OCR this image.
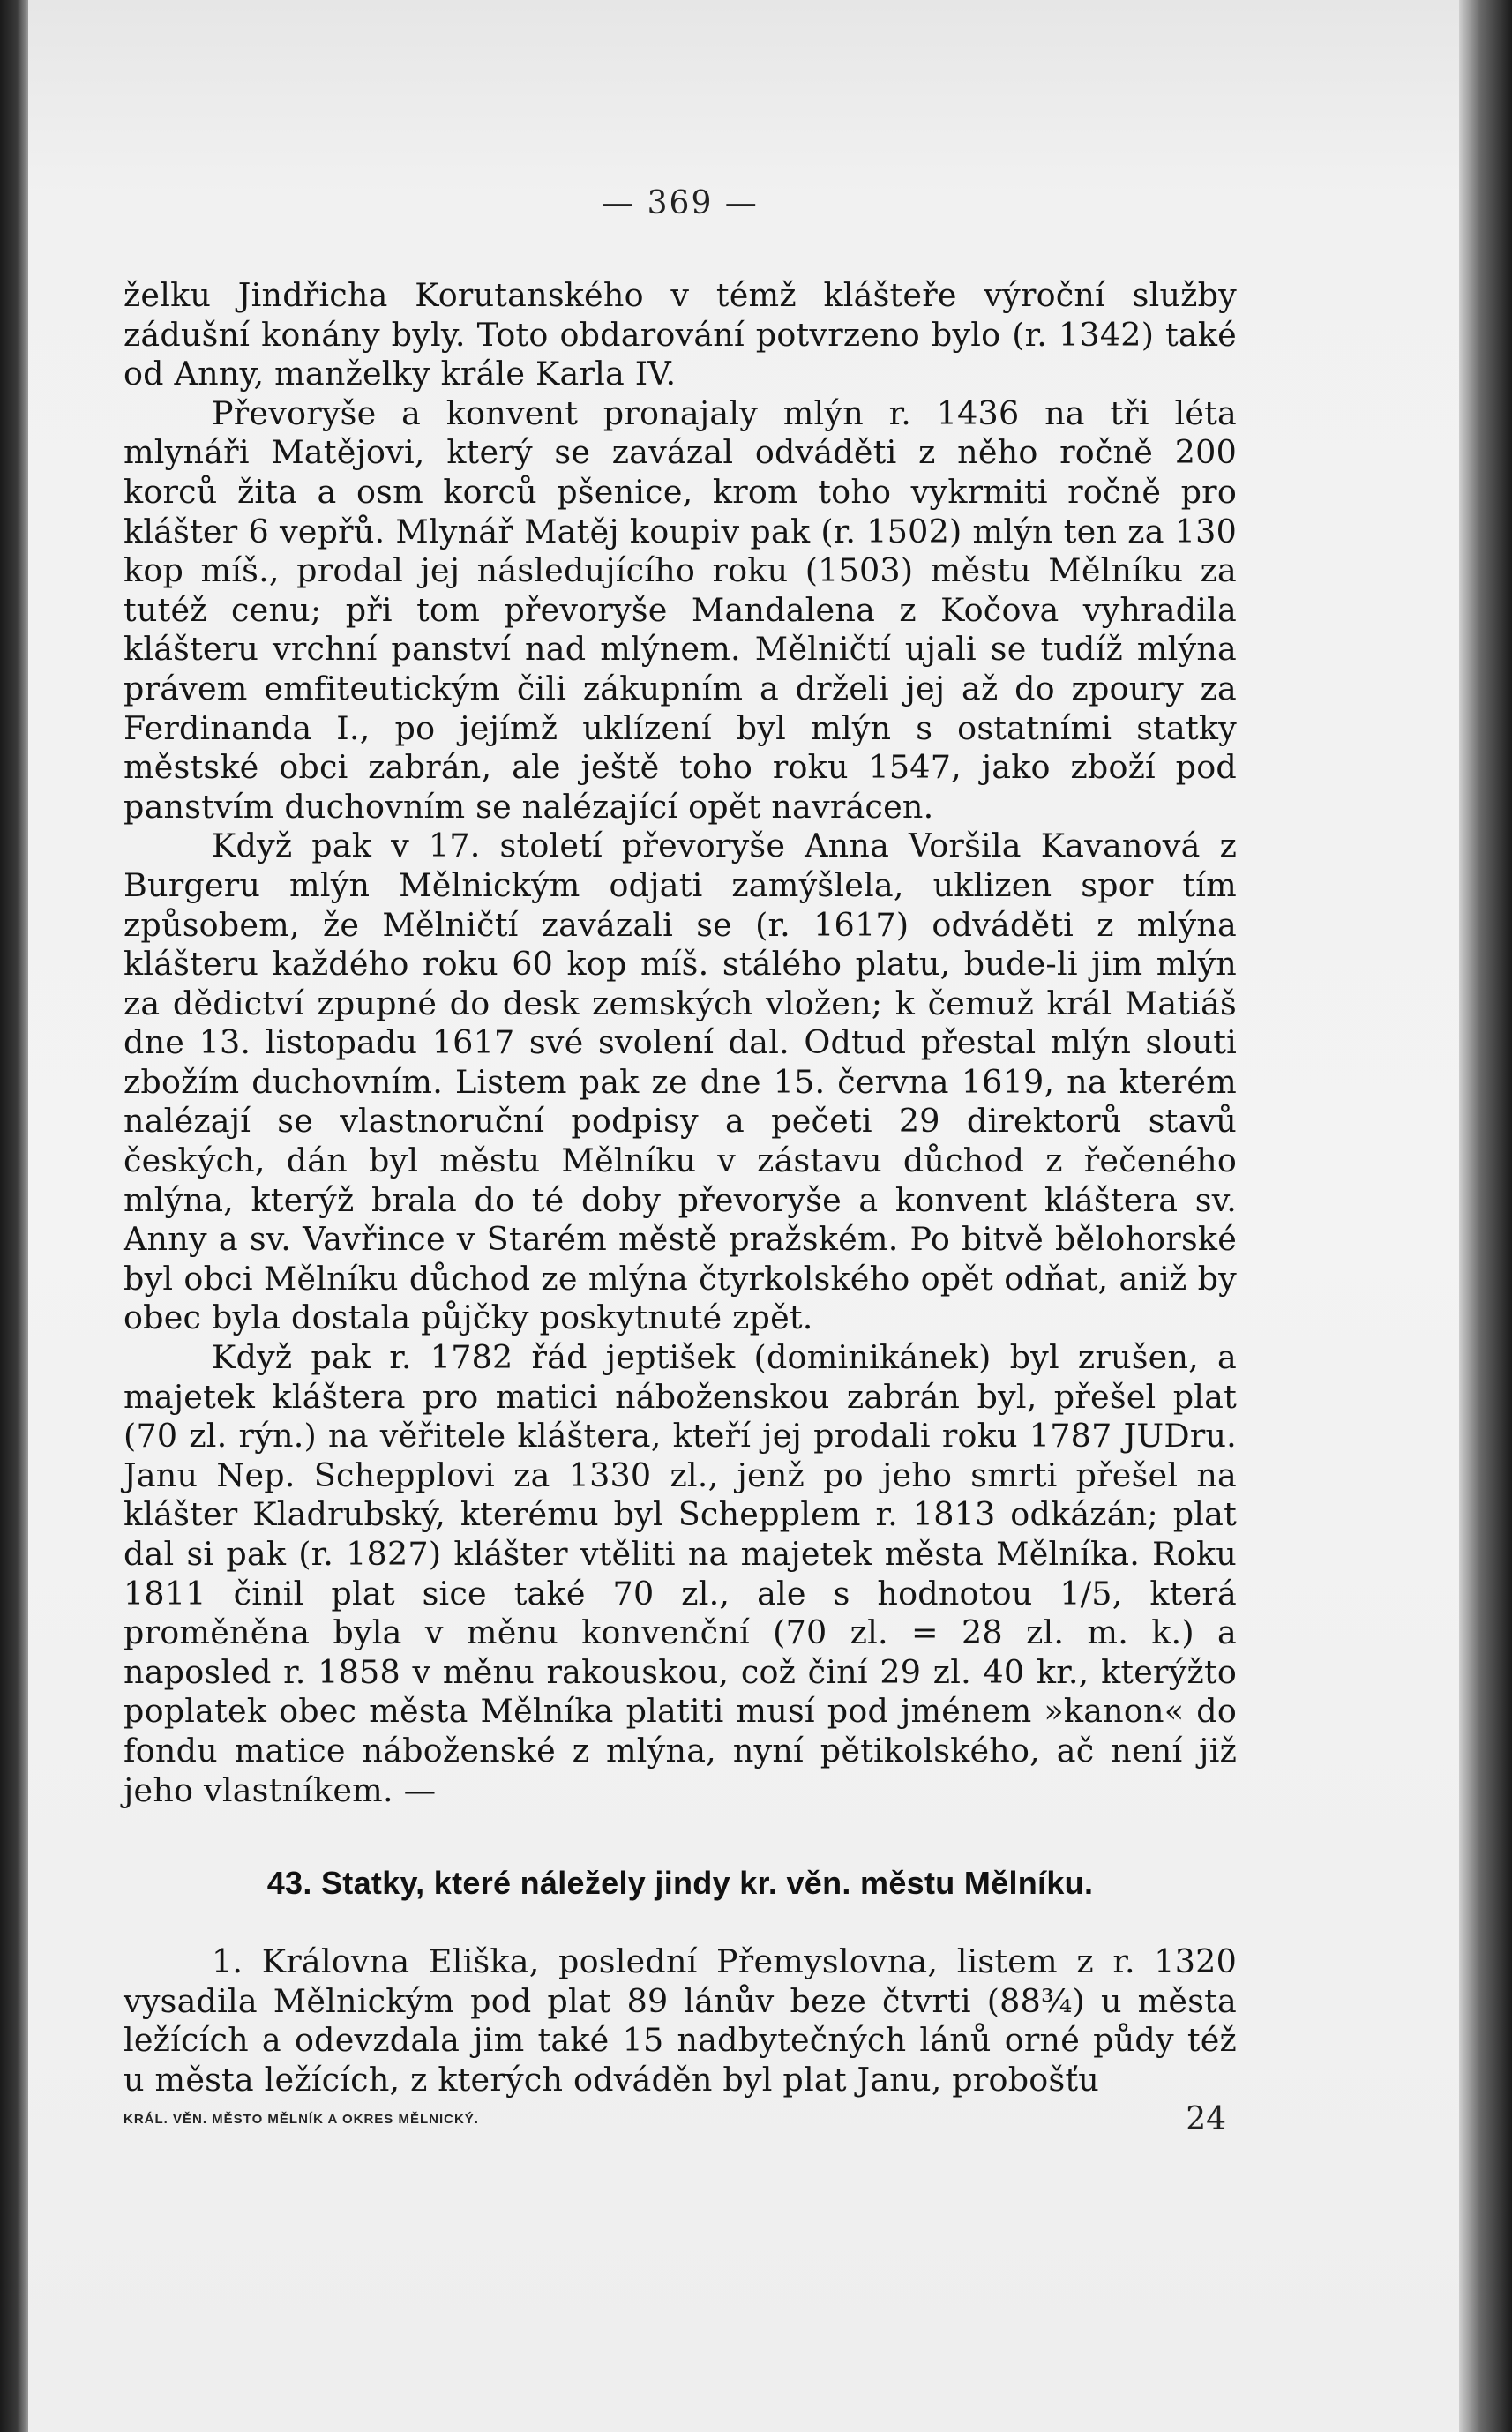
— 369 —

želku Jindřicha Korutanského v témž klášteře výroční služby zádušní konány byly. Toto obdarování potvrzeno bylo (r. 1342) také od Anny, manželky krále Karla IV.

Převoryše a konvent pronajaly mlýn r. 1436 na tři léta mlynáři Matějovi, který se zavázal odváděti z něho ročně 200 korců žita a osm korců pšenice, krom toho vykrmiti ročně pro klášter 6 vepřů. Mlynář Matěj koupiv pak (r. 1502) mlýn ten za 130 kop míš., prodal jej následujícího roku (1503) městu Mělníku za tutéž cenu; při tom převoryše Mandalena z Kočova vyhradila klášteru vrchní panství nad mlýnem. Mělničtí ujali se tudíž mlýna právem emfiteutickým čili zákupním a drželi jej až do zpoury za Ferdinanda I., po jejímž uklízení byl mlýn s ostatními statky městské obci zabrán, ale ještě toho roku 1547, jako zboží pod panstvím duchovním se nalézající opět navrácen.

Když pak v 17. století převoryše Anna Voršila Kavanová z Burgeru mlýn Mělnickým odjati zamýšlela, uklizen spor tím způsobem, že Mělničtí zavázali se (r. 1617) odváděti z mlýna klášteru každého roku 60 kop míš. stálého platu, bude-li jim mlýn za dědictví zpupné do desk zemských vložen; k čemuž král Matiáš dne 13. listopadu 1617 své svolení dal. Odtud přestal mlýn slouti zbožím duchovním. Listem pak ze dne 15. června 1619, na kterém nalézají se vlastnoruční podpisy a pečeti 29 direktorů stavů českých, dán byl městu Mělníku v zástavu důchod z řečeného mlýna, kterýž brala do té doby převoryše a konvent kláštera sv. Anny a sv. Vavřince v Starém městě pražském. Po bitvě bělohorské byl obci Mělníku důchod ze mlýna čtyrkolského opět odňat, aniž by obec byla dostala půjčky poskytnuté zpět.

Když pak r. 1782 řád jeptišek (dominikánek) byl zrušen, a majetek kláštera pro matici náboženskou zabrán byl, přešel plat (70 zl. rýn.) na věřitele kláštera, kteří jej prodali roku 1787 JUDru. Janu Nep. Schepplovi za 1330 zl., jenž po jeho smrti přešel na klášter Kladrubský, kterému byl Schepplem r. 1813 odkázán; plat dal si pak (r. 1827) klášter vtěliti na majetek města Mělníka. Roku 1811 činil plat sice také 70 zl., ale s hodnotou 1/5, která proměněna byla v měnu konvenční (70 zl. = 28 zl. m. k.) a naposled r. 1858 v měnu rakouskou, což činí 29 zl. 40 kr., kterýžto poplatek obec města Mělníka platiti musí pod jménem »kanon« do fondu matice náboženské z mlýna, nyní pětikolského, ač není již jeho vlastníkem. —

43. Statky, které náležely jindy kr. věn. městu Mělníku.

1. Královna Eliška, poslední Přemyslovna, listem z r. 1320 vysadila Mělnickým pod plat 89 lánův beze čtvrti (88¾) u města ležících a odevzdala jim také 15 nadbytečných lánů orné půdy též u města ležících, z kterých odváděn byl plat Janu, probošťu

KRÁL. VĚN. MĚSTO MĚLNÍK A OKRES MĚLNICKÝ.	24
